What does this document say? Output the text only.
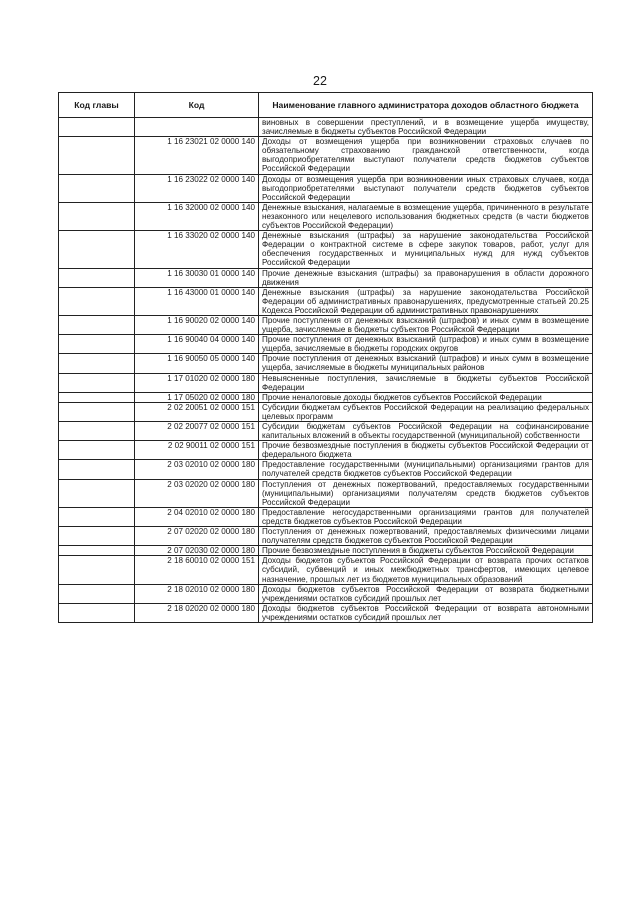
22
Код главы	Код	Наименование главного администратора доходов областного бюджета
		виновных в совершении преступлений, и в возмещение ущерба имуществу, зачисляемые в бюджеты субъектов Российской Федерации
	1 16 23021 02 0000 140	Доходы от возмещения ущерба при возникновении страховых случаев по обязательному страхованию гражданской ответственности, когда выгодоприобретателями выступают получатели средств бюджетов субъектов Российской Федерации
	1 16 23022 02 0000 140	Доходы от возмещения ущерба при возникновении иных страховых случаев, когда выгодоприобретателями выступают получатели средств бюджетов субъектов Российской Федерации
	1 16 32000 02 0000 140	Денежные взыскания, налагаемые в возмещение ущерба, причиненного в результате незаконного или нецелевого использования бюджетных средств (в части бюджетов субъектов Российской Федерации)
	1 16 33020 02 0000 140	Денежные взыскания (штрафы) за нарушение законодательства Российской Федерации о контрактной системе в сфере закупок товаров, работ, услуг для обеспечения государственных и муниципальных нужд для нужд субъектов Российской Федерации
	1 16 30030 01 0000 140	Прочие денежные взыскания (штрафы) за правонарушения в области дорожного движения
	1 16 43000 01 0000 140	Денежные взыскания (штрафы) за нарушение законодательства Российской Федерации об административных правонарушениях, предусмотренные статьей 20.25 Кодекса Российской Федерации об административных правонарушениях
	1 16 90020 02 0000 140	Прочие поступления от денежных взысканий (штрафов) и иных сумм в возмещение ущерба, зачисляемые в бюджеты субъектов Российской Федерации
	1 16 90040 04 0000 140	Прочие поступления от денежных взысканий (штрафов) и иных сумм в возмещение ущерба, зачисляемые в бюджеты городских округов
	1 16 90050 05 0000 140	Прочие поступления от денежных взысканий (штрафов) и иных сумм в возмещение ущерба, зачисляемые в бюджеты муниципальных районов
	1 17 01020 02 0000 180	Невыясненные поступления, зачисляемые в бюджеты субъектов Российской Федерации
	1 17 05020 02 0000 180	Прочие неналоговые доходы бюджетов субъектов Российской Федерации
	2 02 20051 02 0000 151	Субсидии бюджетам субъектов Российской Федерации на реализацию федеральных целевых программ
	2 02 20077 02 0000 151	Субсидии бюджетам субъектов Российской Федерации на софинансирование капитальных вложений в объекты государственной (муниципальной) собственности
	2 02 90011 02 0000 151	Прочие безвозмездные поступления в бюджеты субъектов Российской Федерации от федерального бюджета
	2 03 02010 02 0000 180	Предоставление государственными (муниципальными) организациями грантов для получателей средств бюджетов субъектов Российской Федерации
	2 03 02020 02 0000 180	Поступления от денежных пожертвований, предоставляемых государственными (муниципальными) организациями получателям средств бюджетов субъектов Российской Федерации
	2 04 02010 02 0000 180	Предоставление негосударственными организациями грантов для получателей средств бюджетов субъектов Российской Федерации
	2 07 02020 02 0000 180	Поступления от денежных пожертвований, предоставляемых физическими лицами получателям средств бюджетов субъектов Российской Федерации
	2 07 02030 02 0000 180	Прочие безвозмездные поступления в бюджеты субъектов Российской Федерации
	2 18 60010 02 0000 151	Доходы бюджетов субъектов Российской Федерации от возврата прочих остатков субсидий, субвенций и иных межбюджетных трансфертов, имеющих целевое назначение, прошлых лет из бюджетов муниципальных образований
	2 18 02010 02 0000 180	Доходы бюджетов субъектов Российской Федерации от возврата бюджетными учреждениями остатков субсидий прошлых лет
	2 18 02020 02 0000 180	Доходы бюджетов субъектов Российской Федерации от возврата автономными учреждениями остатков субсидий прошлых лет
